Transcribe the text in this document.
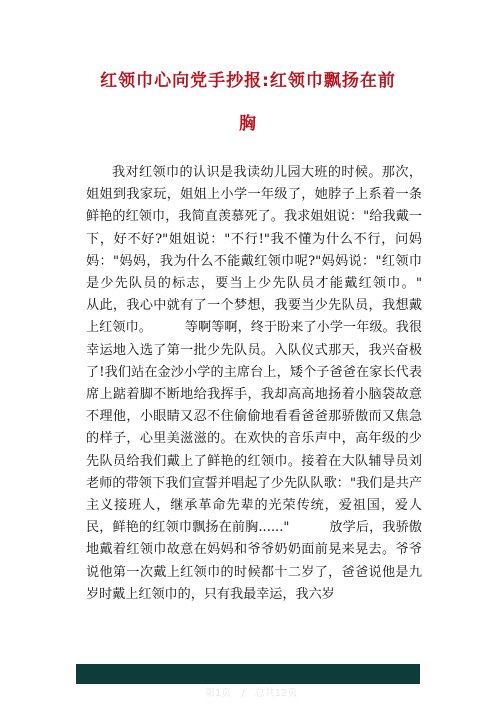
红领巾心向党手抄报:红领巾飘扬在前
胸

我对红领巾的认识是我读幼儿园大班的时候。那次，姐姐到我家玩，姐姐上小学一年级了，她脖子上系着一条鲜艳的红领巾，我简直羡慕死了。我求姐姐说："给我戴一下，好不好?"姐姐说："不行!"我不懂为什么不行，问妈妈："妈妈，我为什么不能戴红领巾呢?"妈妈说："红领巾是少先队员的标志，要当上少先队员才能戴红领巾。"　　　从此，我心中就有了一个梦想，我要当少先队员，我想戴上红领巾。　　　等啊等啊，终于盼来了小学一年级。我很幸运地入选了第一批少先队员。入队仪式那天，我兴奋极了!我们站在金沙小学的主席台上，矮个子爸爸在家长代表席上踮着脚不断地给我挥手，我却高高地扬着小脑袋故意不理他，小眼睛又忍不住偷偷地看看爸爸那骄傲而又焦急的样子，心里美滋滋的。在欢快的音乐声中，高年级的少先队员给我们戴上了鲜艳的红领巾。接着在大队辅导员刘老师的带领下我们宣誓并唱起了少先队队歌："我们是共产主义接班人，继承革命先辈的光荣传统，爱祖国，爱人民，鲜艳的红领巾飘扬在前胸......"　　　放学后，我骄傲地戴着红领巾故意在妈妈和爷爷奶奶面前晃来晃去。爷爷说他第一次戴上红领巾的时候都十二岁了，爸爸说他是九岁时戴上红领巾的，只有我最幸运，我六岁

第1页　/　总共12页
